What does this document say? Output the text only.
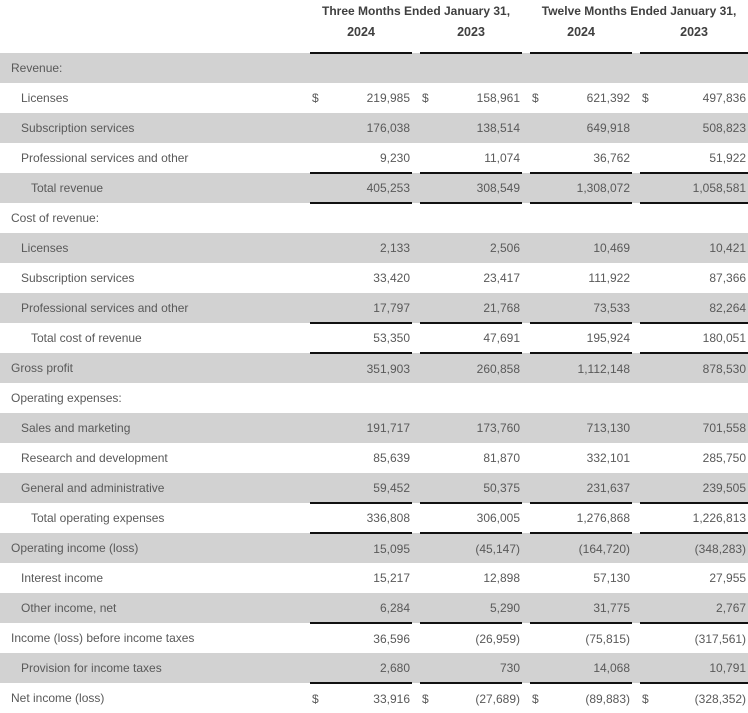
	Three Months Ended January 31,				Twelve Months Ended January 31,		
	2024		2023		2024		2023
Revenue:	

Licenses	$ 219,985		$ 158,961		$ 621,392		$ 497,836

Subscription services	176,038		138,514		649,918		508,823

Professional services and other	9,230		11,074		36,762		51,922

Total revenue	405,253		308,549		1,308,072		1,058,581

Cost of revenue:	

Licenses	2,133		2,506		10,469		10,421

Subscription services	33,420		23,417		111,922		87,366

Professional services and other	17,797		21,768		73,533		82,264

Total cost of revenue	53,350		47,691		195,924		180,051

Gross profit	351,903		260,858		1,112,148		878,530

Operating expenses:	

Sales and marketing	191,717		173,760		713,130		701,558

Research and development	85,639		81,870		332,101		285,750

General and administrative	59,452		50,375		231,637		239,505

Total operating expenses	336,808		306,005		1,276,868		1,226,813

Operating income (loss)	15,095		(45,147)		(164,720)		(348,283)

Interest income	15,217		12,898		57,130		27,955

Other income, net	6,284		5,290		31,775		2,767

Income (loss) before income taxes	36,596		(26,959)		(75,815)		(317,561)

Provision for income taxes	2,680		730		14,068		10,791

Net income (loss)	$ 33,916		$ (27,689)		$ (89,883)		$ (328,352)
